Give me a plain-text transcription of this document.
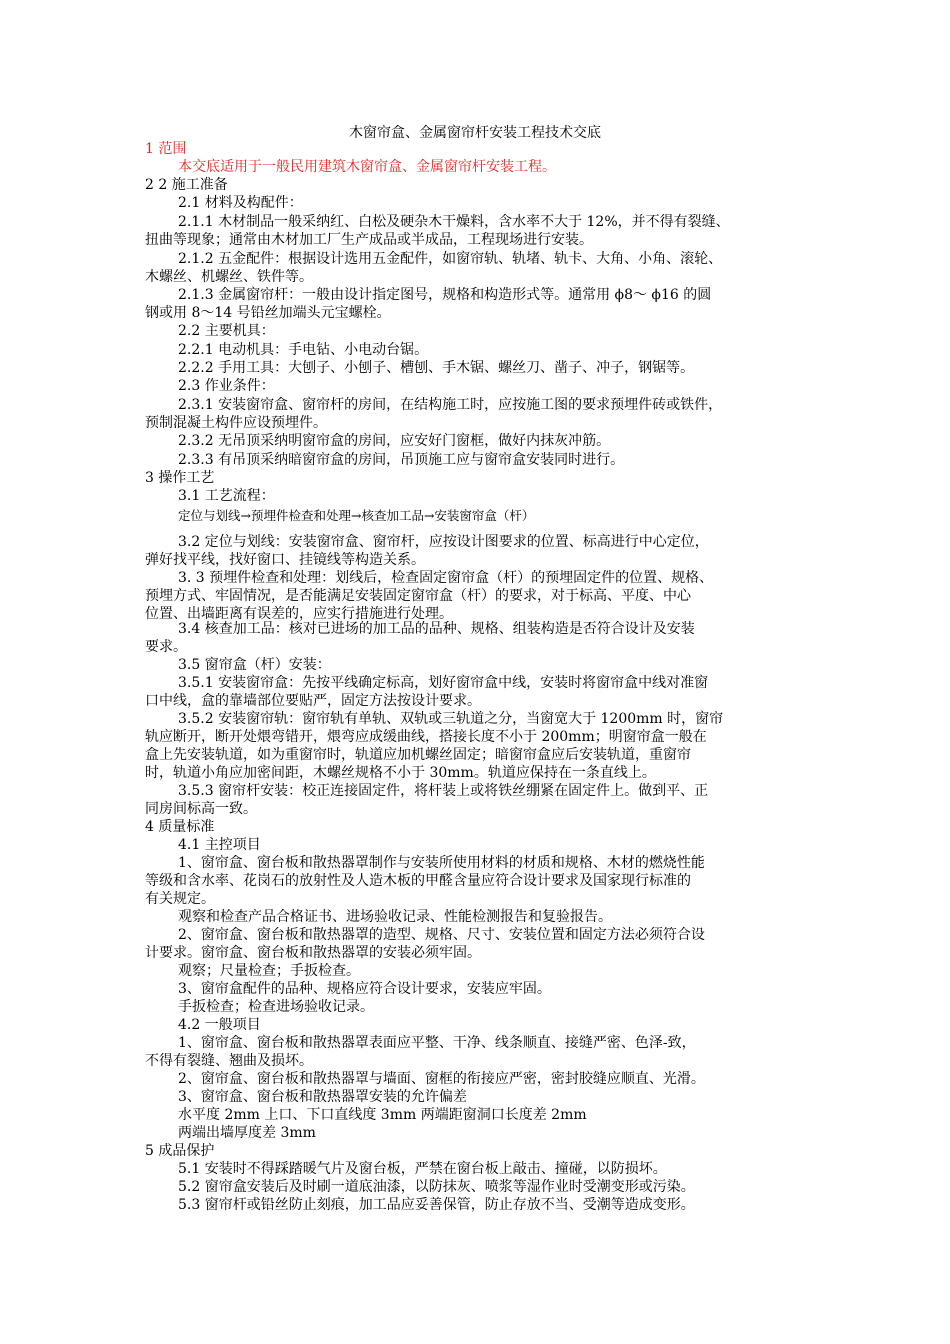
木窗帘盒、金属窗帘杆安装工程技术交底
1 范围
本交底适用于一般民用建筑木窗帘盒、金属窗帘杆安装工程。
2 2 施工准备
2.1 材料及构配件：
2.1.1 木材制品一般采纳红、白松及硬杂木干燥料，含水率不大于 12%，并不得有裂缝、
扭曲等现象；通常由木材加工厂生产成品或半成品，工程现场进行安装。
2.1.2 五金配件：根据设计选用五金配件，如窗帘轨、轨堵、轨卡、大角、小角、滚轮、
木螺丝、机螺丝、铁件等。
2.1.3 金属窗帘杆：一般由设计指定图号，规格和构造形式等。通常用 ϕ8～ ϕ16 的圆
钢或用 8～14 号铅丝加端头元宝螺栓。
2.2 主要机具：
2.2.1 电动机具：手电钻、小电动台锯。
2.2.2 手用工具：大刨子、小刨子、槽刨、手木锯、螺丝刀、凿子、冲子，钢锯等。
2.3 作业条件：
2.3.1 安装窗帘盒、窗帘杆的房间，在结构施工时，应按施工图的要求预埋件砖或铁件，
预制混凝土构件应设预埋件。
2.3.2 无吊顶采纳明窗帘盒的房间，应安好门窗框，做好内抹灰冲筋。
2.3.3 有吊顶采纳暗窗帘盒的房间，吊顶施工应与窗帘盒安装同时进行。
3 操作工艺
3.1 工艺流程：
定位与划线→预埋件检查和处理→核查加工品→安装窗帘盒（杆）
3.2 定位与划线：安装窗帘盒、窗帘杆，应按设计图要求的位置、标高进行中心定位，
弹好找平线，找好窗口、挂镜线等构造关系。
3. 3 预埋件检查和处理：划线后，检查固定窗帘盒（杆）的预埋固定件的位置、规格、
预埋方式、牢固情况，是否能满足安装固定窗帘盒（杆）的要求，对于标高、平度、中心
位置、出墙距离有误差的，应实行措施进行处理。
3.4 核查加工品：核对已进场的加工品的品种、规格、组装构造是否符合设计及安装
要求。
3.5 窗帘盒（杆）安装：
3.5.1 安装窗帘盒：先按平线确定标高，划好窗帘盒中线，安装时将窗帘盒中线对准窗
口中线，盒的靠墙部位要贴严，固定方法按设计要求。
3.5.2 安装窗帘轨：窗帘轨有单轨、双轨或三轨道之分，当窗宽大于 1200mm 时，窗帘
轨应断开，断开处煨弯错开，煨弯应成缓曲线，搭接长度不小于 200mm；明窗帘盒一般在
盒上先安装轨道，如为重窗帘时，轨道应加机螺丝固定；暗窗帘盒应后安装轨道，重窗帘
时，轨道小角应加密间距，木螺丝规格不小于 30mm。轨道应保持在一条直线上。
3.5.3 窗帘杆安装：校正连接固定件，将杆装上或将铁丝绷紧在固定件上。做到平、正
同房间标高一致。
4 质量标准
4.1 主控项目
1、窗帘盒、窗台板和散热器罩制作与安装所使用材料的材质和规格、木材的燃烧性能
等级和含水率、花岗石的放射性及人造木板的甲醛含量应符合设计要求及国家现行标准的
有关规定。
观察和检查产品合格证书、进场验收记录、性能检测报告和复验报告。
2、窗帘盒、窗台板和散热器罩的造型、规格、尺寸、安装位置和固定方法必须符合设
计要求。窗帘盒、窗台板和散热器罩的安装必须牢固。
观察；尺量检查；手扳检查。
3、窗帘盒配件的品种、规格应符合设计要求，安装应牢固。
手扳检查；检查进场验收记录。
4.2 一般项目
1、窗帘盒、窗台板和散热器罩表面应平整、干净、线条顺直、接缝严密、色泽-致，
不得有裂缝、翘曲及损坏。
2、窗帘盒、窗台板和散热器罩与墙面、窗框的衔接应严密，密封胶缝应顺直、光滑。
3、窗帘盒、窗台板和散热器罩安装的允许偏差
水平度 2mm 上口、下口直线度 3mm 两端距窗洞口长度差 2mm
两端出墙厚度差 3mm
5 成品保护
5.1 安装时不得踩踏暖气片及窗台板，严禁在窗台板上敲击、撞碰，以防损坏。
5.2 窗帘盒安装后及时刷一道底油漆，以防抹灰、喷浆等湿作业时受潮变形或污染。
5.3 窗帘杆或铅丝防止刻痕，加工品应妥善保管，防止存放不当、受潮等造成变形。
